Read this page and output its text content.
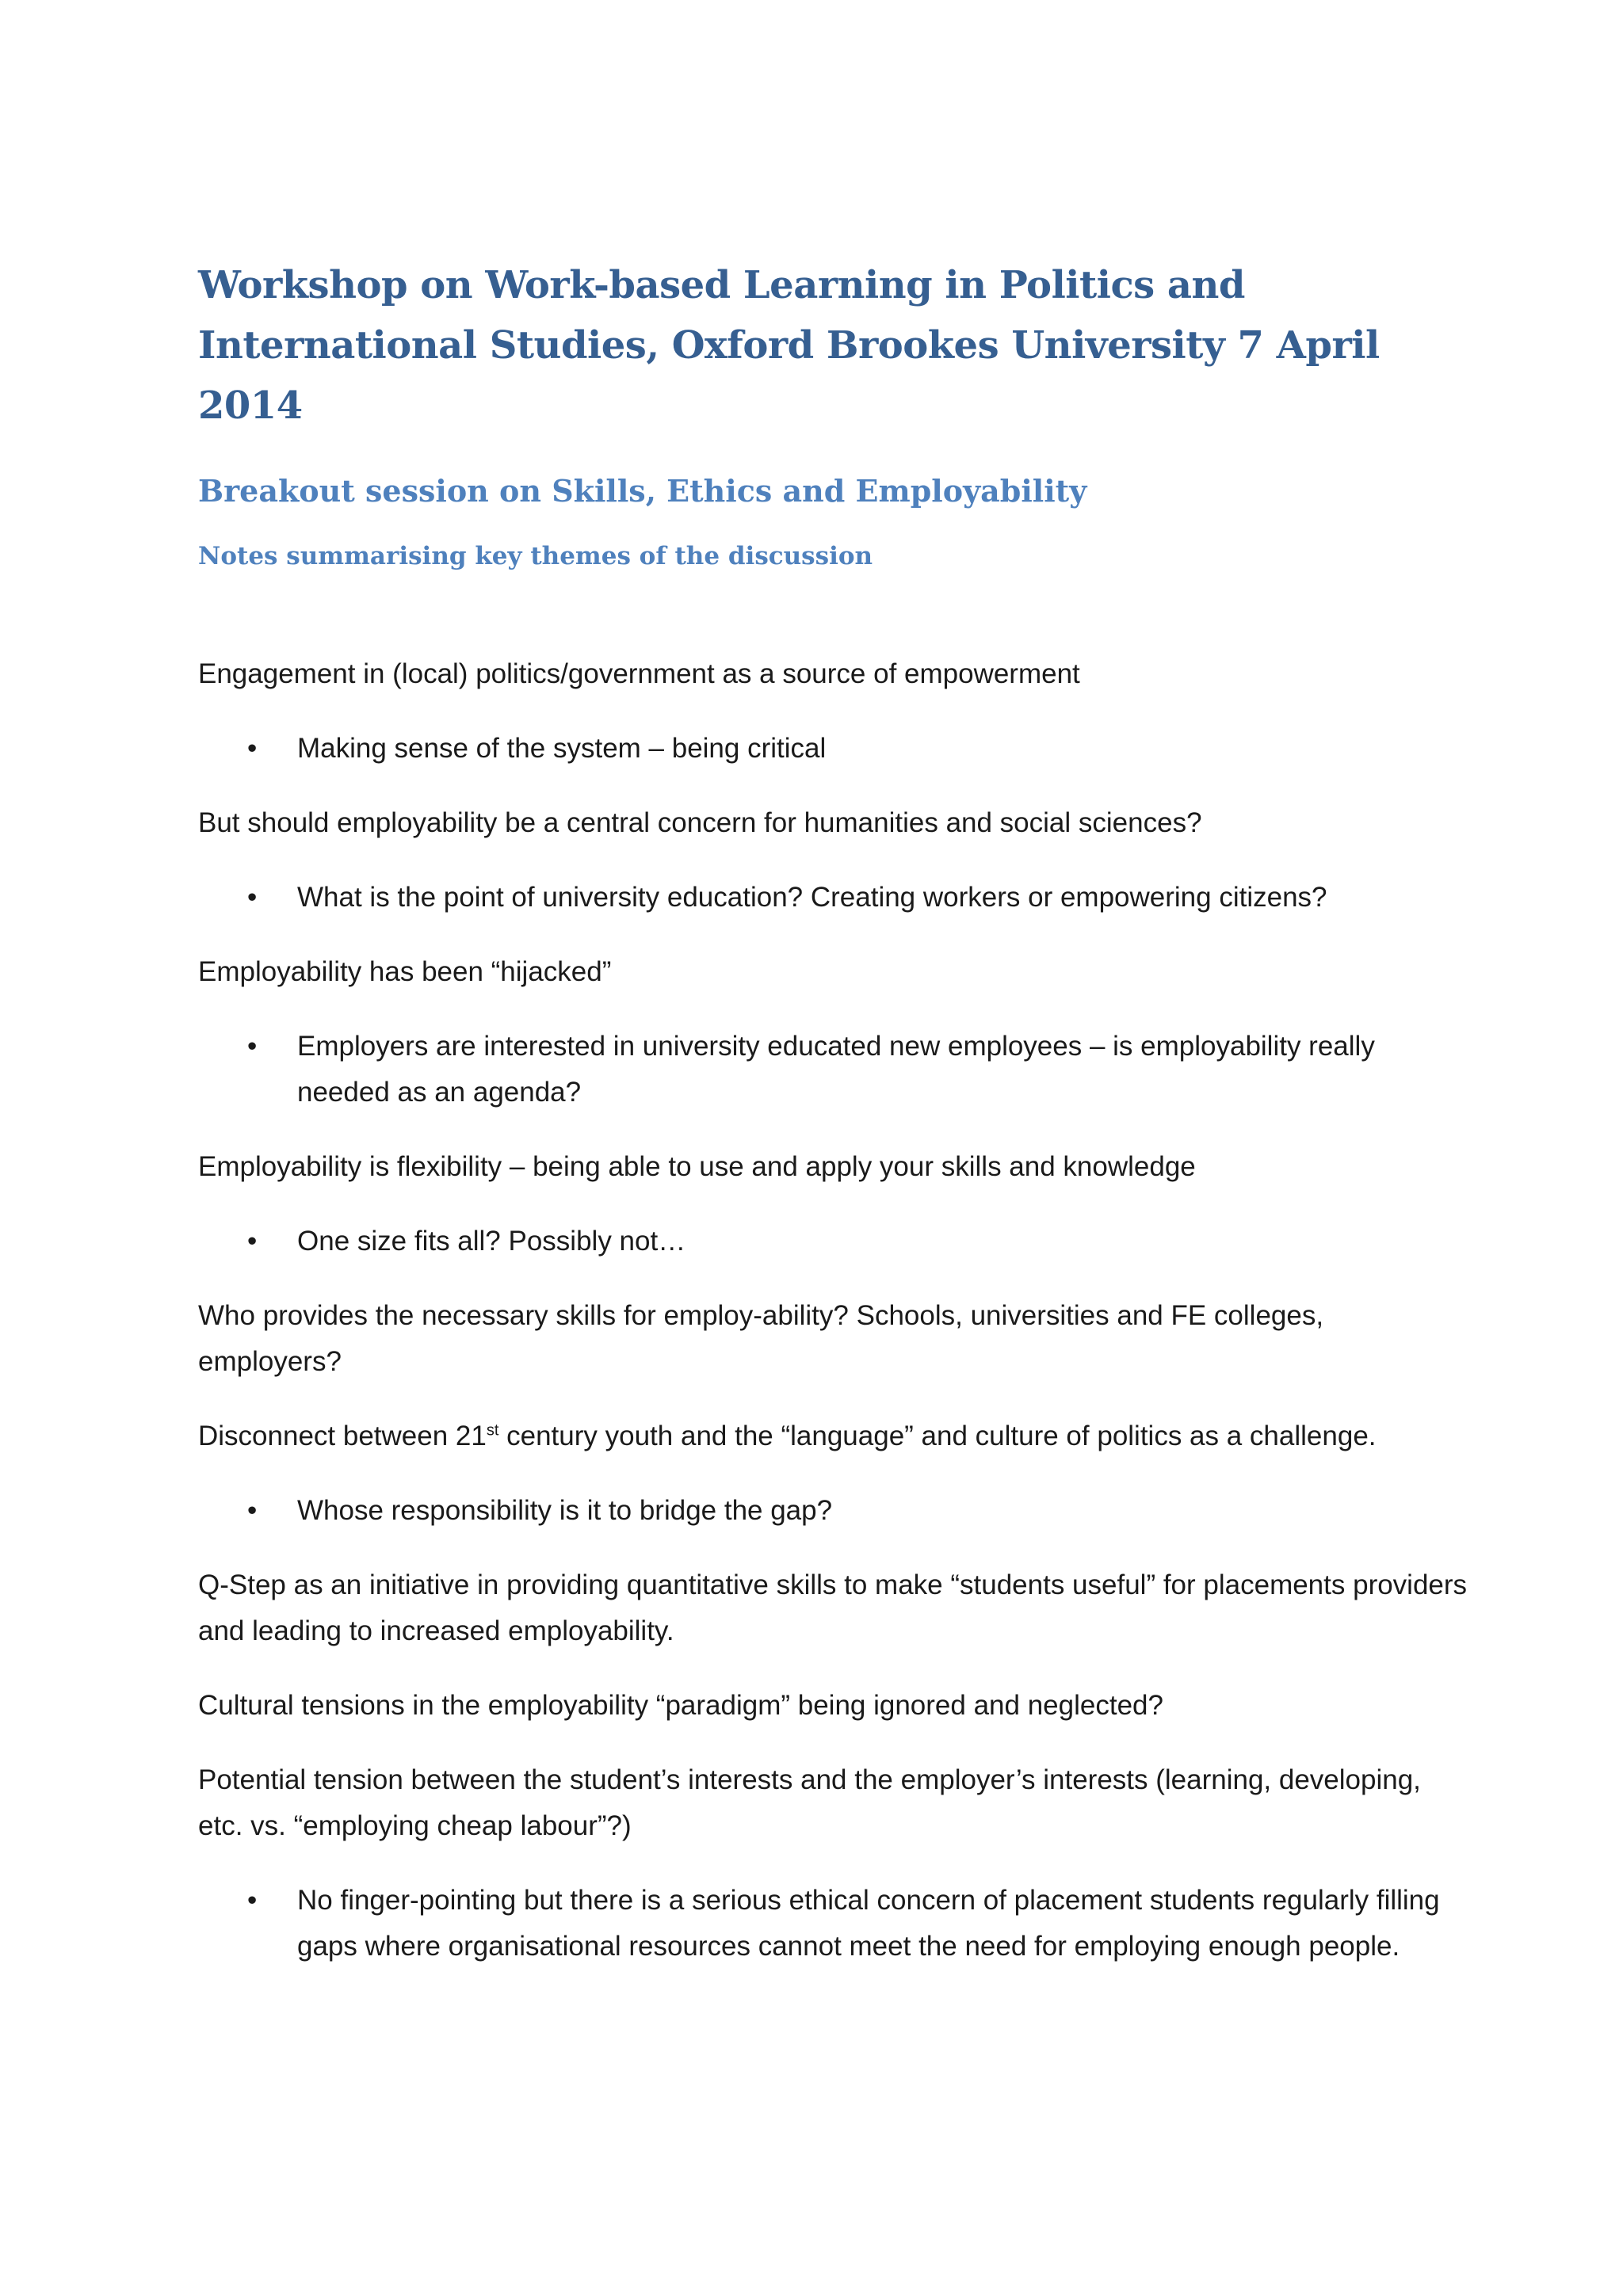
Workshop on Work-based Learning in Politics and International Studies, Oxford Brookes University 7 April 2014
Breakout session on Skills, Ethics and Employability
Notes summarising key themes of the discussion

Engagement in (local) politics/government as a source of empowerment

• Making sense of the system – being critical

But should employability be a central concern for humanities and social sciences?

• What is the point of university education? Creating workers or empowering citizens?

Employability has been “hijacked”

• Employers are interested in university educated new employees – is employability really needed as an agenda?

Employability is flexibility – being able to use and apply your skills and knowledge

• One size fits all? Possibly not…

Who provides the necessary skills for employ-ability? Schools, universities and FE colleges, employers?

Disconnect between 21st century youth and the “language” and culture of politics as a challenge.

• Whose responsibility is it to bridge the gap?

Q-Step as an initiative in providing quantitative skills to make “students useful” for placements providers and leading to increased employability.

Cultural tensions in the employability “paradigm” being ignored and neglected?

Potential tension between the student’s interests and the employer’s interests (learning, developing, etc. vs. “employing cheap labour”?)

• No finger-pointing but there is a serious ethical concern of placement students regularly filling gaps where organisational resources cannot meet the need for employing enough people.
